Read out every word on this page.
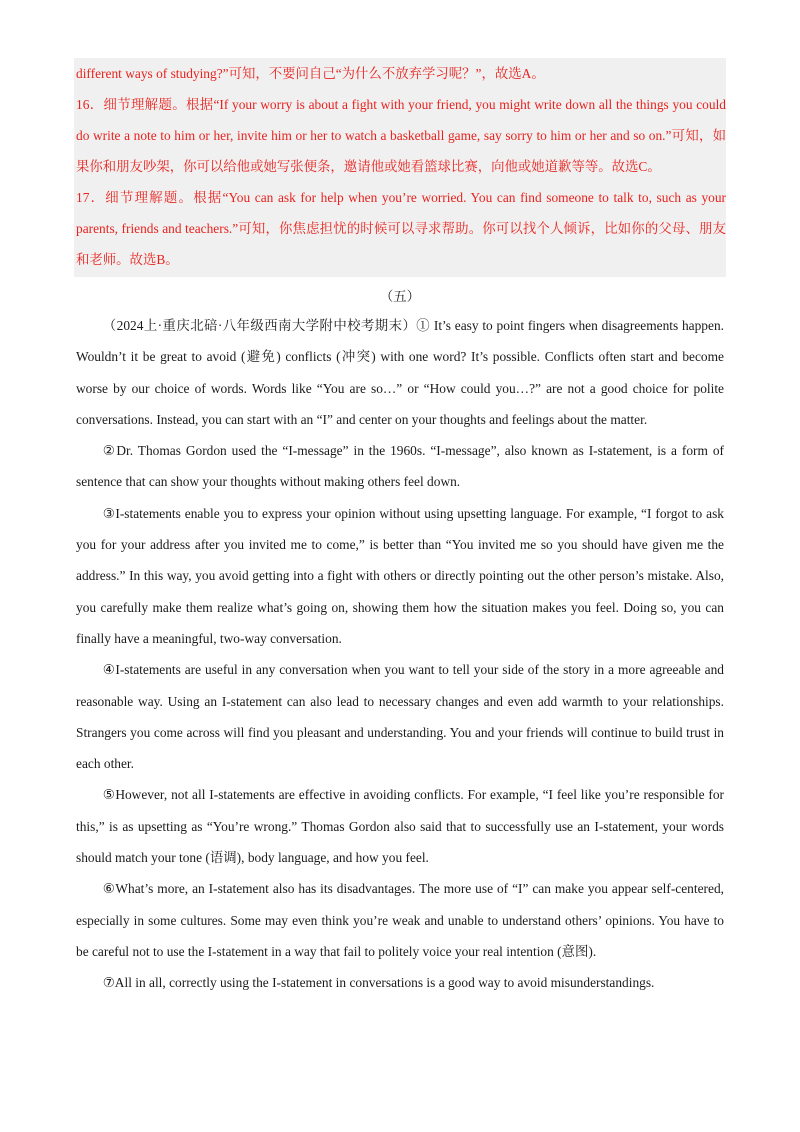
different ways of studying?”可知，不要问自己“为什么不放弃学习呢？”，故选A。

16．细节理解题。根据“If your worry is about a fight with your friend, you might write down all the things you could do write a note to him or her, invite him or her to watch a basketball game, say sorry to him or her and so on.”可知，如果你和朋友吵架，你可以给他或她写张便条，邀请他或她看篮球比赛，向他或她道歉等等。故选C。

17．细节理解题。根据“You can ask for help when you’re worried. You can find someone to talk to, such as your parents, friends and teachers.”可知，你焦虑担忧的时候可以寻求帮助。你可以找个人倾诉，比如你的父母、朋友和老师。故选B。

（五）

（2024上·重庆北碚·八年级西南大学附中校考期末）① It’s easy to point fingers when disagreements happen. Wouldn’t it be great to avoid (避免) conflicts (冲突) with one word? It’s possible. Conflicts often start and become worse by our choice of words. Words like “You are so…” or “How could you…?” are not a good choice for polite conversations. Instead, you can start with an “I” and center on your thoughts and feelings about the matter.

②Dr. Thomas Gordon used the “I-message” in the 1960s. “I-message”, also known as I-statement, is a form of sentence that can show your thoughts without making others feel down.

③I-statements enable you to express your opinion without using upsetting language. For example, “I forgot to ask you for your address after you invited me to come,” is better than “You invited me so you should have given me the address.” In this way, you avoid getting into a fight with others or directly pointing out the other person’s mistake. Also, you carefully make them realize what’s going on, showing them how the situation makes you feel. Doing so, you can finally have a meaningful, two-way conversation.

④I-statements are useful in any conversation when you want to tell your side of the story in a more agreeable and reasonable way. Using an I-statement can also lead to necessary changes and even add warmth to your relationships. Strangers you come across will find you pleasant and understanding. You and your friends will continue to build trust in each other.

⑤However, not all I-statements are effective in avoiding conflicts. For example, “I feel like you’re responsible for this,” is as upsetting as “You’re wrong.” Thomas Gordon also said that to successfully use an I-statement, your words should match your tone (语调), body language, and how you feel.

⑥What’s more, an I-statement also has its disadvantages. The more use of “I” can make you appear self-centered, especially in some cultures. Some may even think you’re weak and unable to understand others’ opinions. You have to be careful not to use the I-statement in a way that fail to politely voice your real intention (意图).

⑦All in all, correctly using the I-statement in conversations is a good way to avoid misunderstandings.
